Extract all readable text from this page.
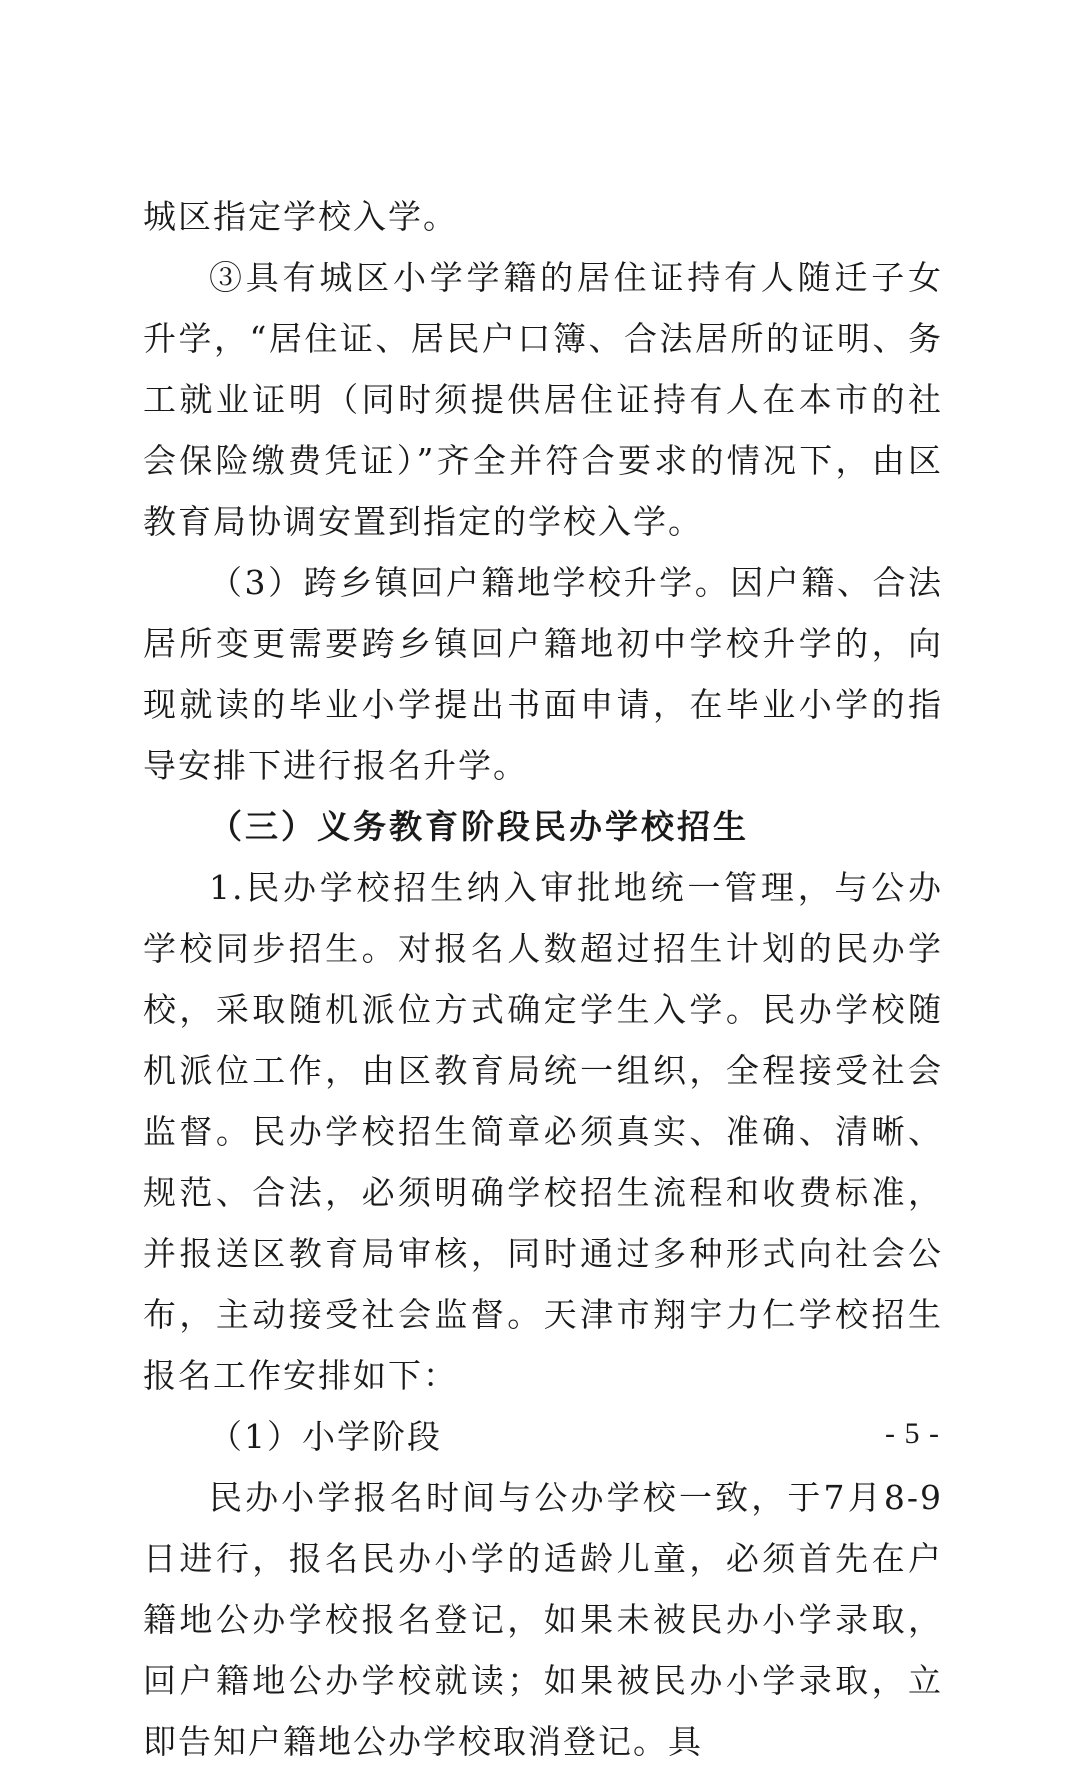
城区指定学校入学。

③具有城区小学学籍的居住证持有人随迁子女升学，“居住证、居民户口簿、合法居所的证明、务工就业证明（同时须提供居住证持有人在本市的社会保险缴费凭证）”齐全并符合要求的情况下，由区教育局协调安置到指定的学校入学。

（3）跨乡镇回户籍地学校升学。因户籍、合法居所变更需要跨乡镇回户籍地初中学校升学的，向现就读的毕业小学提出书面申请，在毕业小学的指导安排下进行报名升学。

（三）义务教育阶段民办学校招生

1.民办学校招生纳入审批地统一管理，与公办学校同步招生。对报名人数超过招生计划的民办学校，采取随机派位方式确定学生入学。民办学校随机派位工作，由区教育局统一组织，全程接受社会监督。民办学校招生简章必须真实、准确、清晰、规范、合法，必须明确学校招生流程和收费标准，并报送区教育局审核，同时通过多种形式向社会公布，主动接受社会监督。天津市翔宇力仁学校招生报名工作安排如下：

（1）小学阶段

民办小学报名时间与公办学校一致，于7月8-9日进行，报名民办小学的适龄儿童，必须首先在户籍地公办学校报名登记，如果未被民办小学录取，回户籍地公办学校就读；如果被民办小学录取，立即告知户籍地公办学校取消登记。具

- 5 -
